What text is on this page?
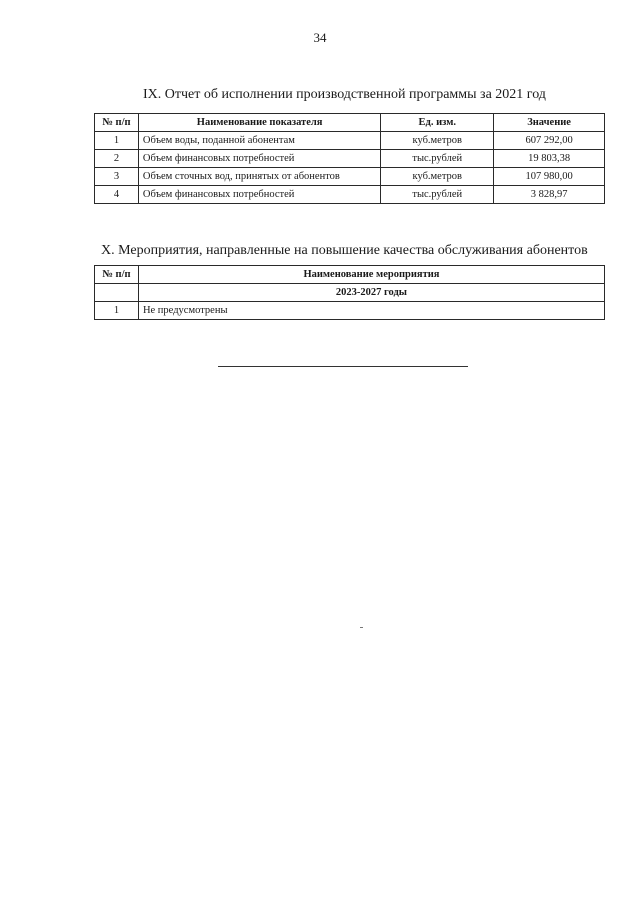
34
IX. Отчет об исполнении производственной программы за 2021 год
№ п/п	Наименование показателя	Ед. изм.	Значение
1	Объем воды, поданной абонентам	куб.метров	607 292,00
2	Объем финансовых потребностей	тыс.рублей	19 803,38
3	Объем сточных вод, принятых от абонентов	куб.метров	107 980,00
4	Объем финансовых потребностей	тыс.рублей	3 828,97
X. Мероприятия, направленные на повышение качества обслуживания абонентов
№ п/п	Наименование мероприятия
	2023-2027 годы
1	Не предусмотрены
